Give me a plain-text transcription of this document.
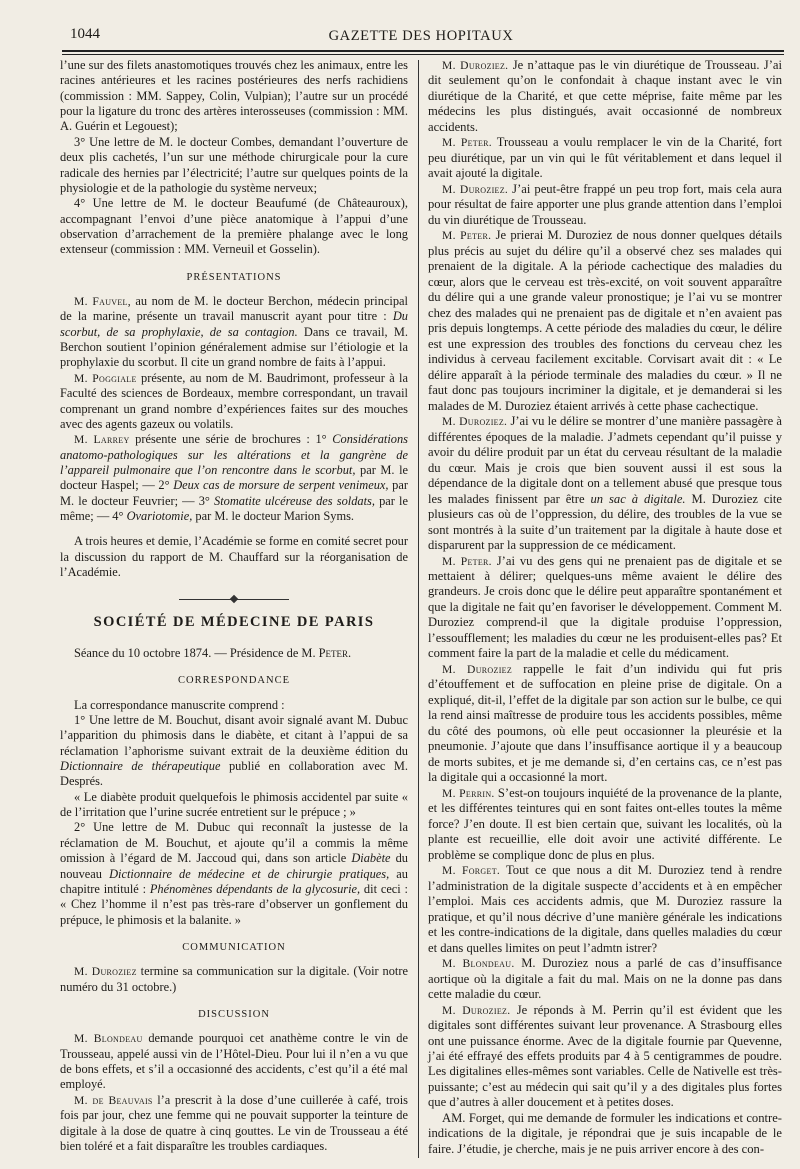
1044	GAZETTE DES HOPITAUX

l’une sur des filets anastomotiques trouvés chez les animaux, entre les racines antérieures et les racines postérieures des nerfs rachidiens (commission : MM. Sappey, Colin, Vulpian); l’autre sur un procédé pour la ligature du tronc des artères interosseuses (commission : MM. A. Guérin et Legouest);

3° Une lettre de M. le docteur Combes, demandant l’ouverture de deux plis cachetés, l’un sur une méthode chirurgicale pour la cure radicale des hernies par l’électricité; l’autre sur quelques points de la physiologie et de la pathologie du système nerveux;

4° Une lettre de M. le docteur Beaufumé (de Châteauroux), accompagnant l’envoi d’une pièce anatomique à l’appui d’une observation d’arrachement de la première phalange avec le long extenseur (commission : MM. Verneuil et Gosselin).

PRÉSENTATIONS

M. Fauvel, au nom de M. le docteur Berchon, médecin principal de la marine, présente un travail manuscrit ayant pour titre : Du scorbut, de sa prophylaxie, de sa contagion. Dans ce travail, M. Berchon soutient l’opinion généralement admise sur l’étiologie et la prophylaxie du scorbut. Il cite un grand nombre de faits à l’appui.

M. Poggiale présente, au nom de M. Baudrimont, professeur à la Faculté des sciences de Bordeaux, membre correspondant, un travail comprenant un grand nombre d’expériences faites sur des mouches avec des agents gazeux ou volatils.

M. Larrey présente une série de brochures : 1° Considérations anatomo-pathologiques sur les altérations et la gangrène de l’appareil pulmonaire que l’on rencontre dans le scorbut, par M. le docteur Haspel; — 2° Deux cas de morsure de serpent venimeux, par M. le docteur Feuvrier; — 3° Stomatite ulcéreuse des soldats, par le même; — 4° Ovariotomie, par M. le docteur Marion Syms.

A trois heures et demie, l’Académie se forme en comité secret pour la discussion du rapport de M. Chauffard sur la réorganisation de l’Académie.

SOCIÉTÉ DE MÉDECINE DE PARIS

Séance du 10 octobre 1874. — Présidence de M. Peter.

CORRESPONDANCE

La correspondance manuscrite comprend :

1° Une lettre de M. Bouchut, disant avoir signalé avant M. Dubuc l’apparition du phimosis dans le diabète, et citant à l’appui de sa réclamation l’aphorisme suivant extrait de la deuxième édition du Dictionnaire de thérapeutique publié en collaboration avec M. Després.

« Le diabète produit quelquefois le phimosis accidentel par suite « de l’irritation que l’urine sucrée entretient sur le prépuce ; »

2° Une lettre de M. Dubuc qui reconnaît la justesse de la réclamation de M. Bouchut, et ajoute qu’il a commis la même omission à l’égard de M. Jaccoud qui, dans son article Diabète du nouveau Dictionnaire de médecine et de chirurgie pratiques, au chapitre intitulé : Phénomènes dépendants de la glycosurie, dit ceci : « Chez l’homme il n’est pas très-rare d’observer un gonflement du prépuce, le phimosis et la balanite. »

COMMUNICATION

M. Duroziez termine sa communication sur la digitale. (Voir notre numéro du 31 octobre.)

DISCUSSION

M. Blondeau demande pourquoi cet anathème contre le vin de Trousseau, appelé aussi vin de l’Hôtel-Dieu. Pour lui il n’en a vu que de bons effets, et s’il a occasionné des accidents, c’est qu’il a été mal employé.

M. de Beauvais l’a prescrit à la dose d’une cuillerée à café, trois fois par jour, chez une femme qui ne pouvait supporter la teinture de digitale à la dose de quatre à cinq gouttes. Le vin de Trousseau a été bien toléré et a fait disparaître les troubles cardiaques.

M. Duroziez. Je n’attaque pas le vin diurétique de Trousseau. J’ai dit seulement qu’on le confondait à chaque instant avec le vin diurétique de la Charité, et que cette méprise, faite même par les médecins les plus distingués, avait occasionné de nombreux accidents.

M. Peter. Trousseau a voulu remplacer le vin de la Charité, fort peu diurétique, par un vin qui le fût véritablement et dans lequel il avait ajouté la digitale.

M. Duroziez. J’ai peut-être frappé un peu trop fort, mais cela aura pour résultat de faire apporter une plus grande attention dans l’emploi du vin diurétique de Trousseau.

M. Peter. Je prierai M. Duroziez de nous donner quelques détails plus précis au sujet du délire qu’il a observé chez ses malades qui prenaient de la digitale. A la période cachectique des maladies du cœur, alors que le cerveau est très-excité, on voit souvent apparaître du délire qui a une grande valeur pronostique; je l’ai vu se montrer chez des malades qui ne prenaient pas de digitale et n’en avaient pas pris depuis longtemps. A cette période des maladies du cœur, le délire est une expression des troubles des fonctions du cerveau chez les individus à cerveau facilement excitable. Corvisart avait dit : « Le délire apparaît à la période terminale des maladies du cœur. » Il ne faut donc pas toujours incriminer la digitale, et je demanderai si les malades de M. Duroziez étaient arrivés à cette phase cachectique.

M. Duroziez. J’ai vu le délire se montrer d’une manière passagère à différentes époques de la maladie. J’admets cependant qu’il puisse y avoir du délire produit par un état du cerveau résultant de la maladie du cœur. Mais je crois que bien souvent aussi il est sous la dépendance de la digitale dont on a tellement abusé que presque tous les malades finissent par être un sac à digitale. M. Duroziez cite plusieurs cas où de l’oppression, du délire, des troubles de la vue se sont montrés à la suite d’un traitement par la digitale à haute dose et disparurent par la suppression de ce médicament.

M. Peter. J’ai vu des gens qui ne prenaient pas de digitale et se mettaient à délirer; quelques-uns même avaient le délire des grandeurs. Je crois donc que le délire peut apparaître spontanément et que la digitale ne fait qu’en favoriser le développement. Comment M. Duroziez comprend-il que la digitale produise l’oppression, l’essoufflement; les maladies du cœur ne les produisent-elles pas? Et comment faire la part de la maladie et celle du médicament.

M. Duroziez rappelle le fait d’un individu qui fut pris d’étouffement et de suffocation en pleine prise de digitale. On a expliqué, dit-il, l’effet de la digitale par son action sur le bulbe, ce qui la rend ainsi maîtresse de produire tous les accidents possibles, même du côté des poumons, où elle peut occasionner la pleurésie et la pneumonie. J’ajoute que dans l’insuffisance aortique il y a beaucoup de morts subites, et je me demande si, d’en certains cas, ce n’est pas la digitale qui a occasionné la mort.

M. Perrin. S’est-on toujours inquiété de la provenance de la plante, et les différentes teintures qui en sont faites ont-elles toutes la même force? J’en doute. Il est bien certain que, suivant les localités, où la plante est recueillie, elle doit avoir une activité différente. Le problème se complique donc de plus en plus.

M. Forget. Tout ce que nous a dit M. Duroziez tend à rendre l’administration de la digitale suspecte d’accidents et à en empêcher l’emploi. Mais ces accidents admis, que M. Duroziez rassure la pratique, et qu’il nous décrive d’une manière générale les indications et les contre-indications de la digitale, dans quelles maladies du cœur et dans quelles limites on peut l’admtn istrer?

M. Blondeau. M. Duroziez nous a parlé de cas d’insuffisance aortique où la digitale a fait du mal. Mais on ne la donne pas dans cette maladie du cœur.

M. Duroziez. Je réponds à M. Perrin qu’il est évident que les digitales sont différentes suivant leur provenance. A Strasbourg elles ont une puissance énorme. Avec de la digitale fournie par Quevenne, j’ai été effrayé des effets produits par 4 à 5 centigrammes de poudre. Les digitalines elles-mêmes sont variables. Celle de Nativelle est très-puissante; c’est au médecin qui sait qu’il y a des digitales plus fortes que d’autres à aller doucement et à petites doses.

AM. Forget, qui me demande de formuler les indications et contre-indications de la digitale, je répondrai que je suis incapable de le faire. J’étudie, je cherche, mais je ne puis arriver encore à des con-
